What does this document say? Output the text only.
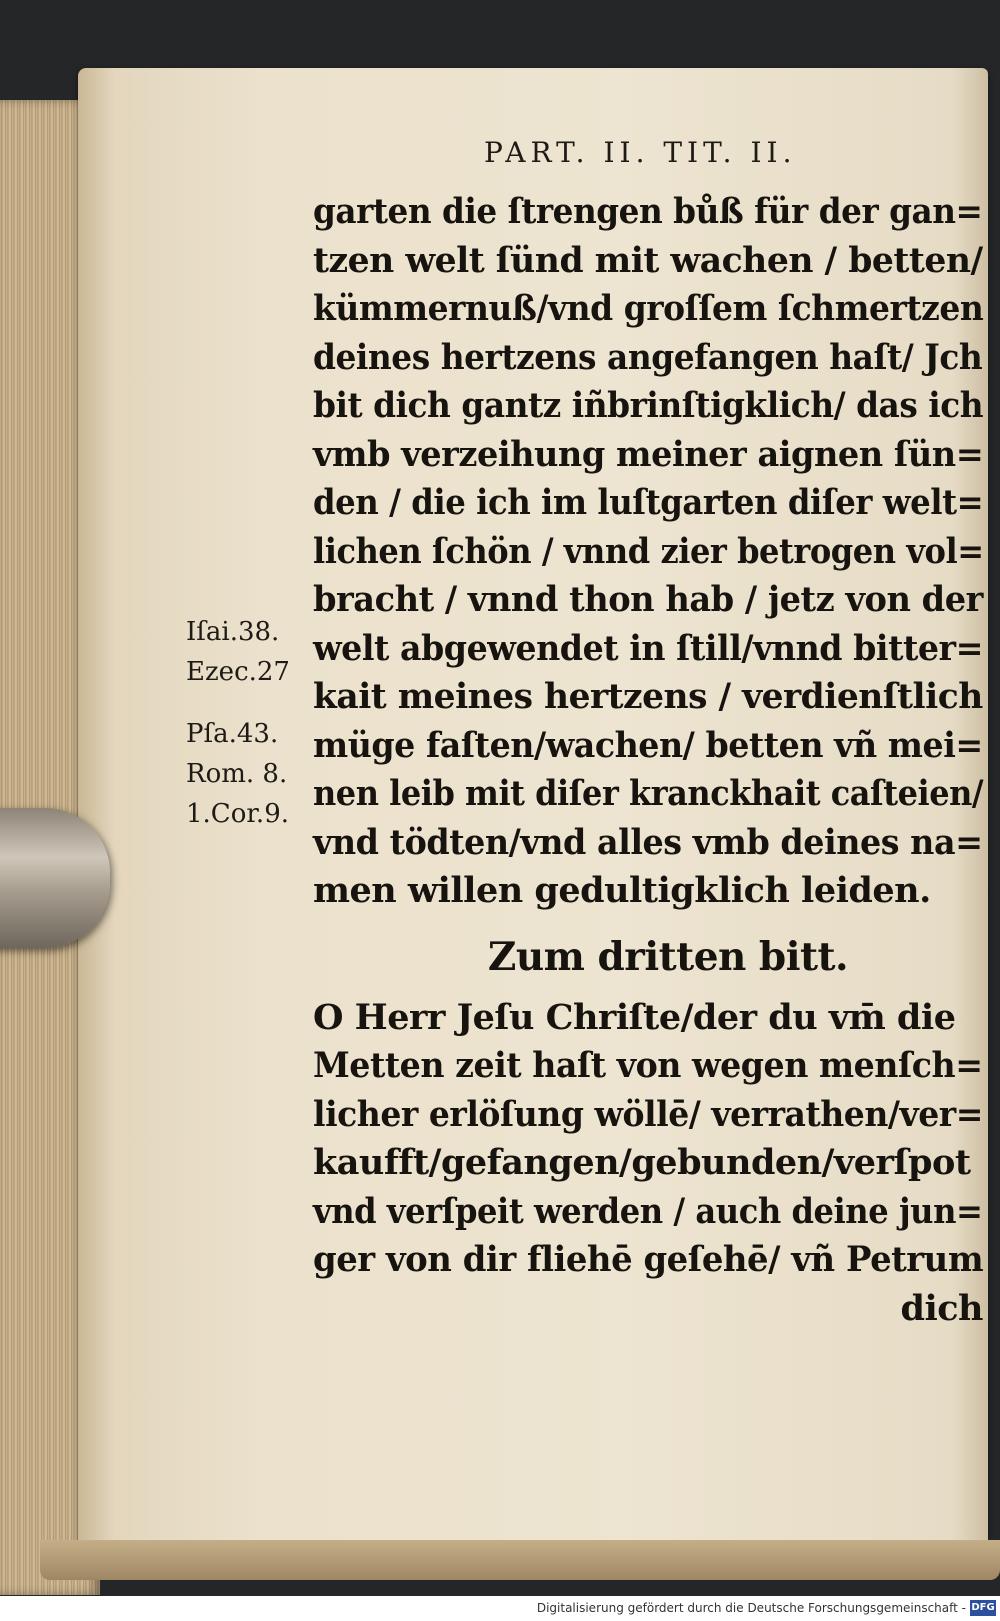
PART. II. TIT. II.
Iſai.38.
Ezec.27
Pſa.43.
Rom. 8.
1.Cor.9.
garten die ſtrengen bůß für der gan=
tzen welt ſünd mit wachen / betten/
kümmernuß/vnd groſſem ſchmertzen
deines hertzens angefangen haſt/ Jch
bit dich gantz iñbrinſtigklich/ das ich
vmb verzeihung meiner aignen ſün=
den / die ich im luſtgarten diſer welt=
lichen ſchön / vnnd zier betrogen vol=
bracht / vnnd thon hab / jetz von der
welt abgewendet in ſtill/vnnd bitter=
kait meines hertzens / verdienſtlich
müge faſten/wachen/ betten vñ mei=
nen leib mit diſer kranckhait caſteien/
vnd tödten/vnd alles vmb deines na=
men willen gedultigklich leiden.
Zum dritten bitt.
O Herr Jeſu Chriſte/der du vm̄ die
Metten zeit haſt von wegen menſch=
licher erlöſung wöllē/ verrathen/ver=
kaufft/gefangen/gebunden/verſpot
vnd verſpeit werden / auch deine jun=
ger von dir fliehē geſehē/ vñ Petrum
dich
Digitalisierung gefördert durch die Deutsche Forschungsgemeinschaft - DFG
